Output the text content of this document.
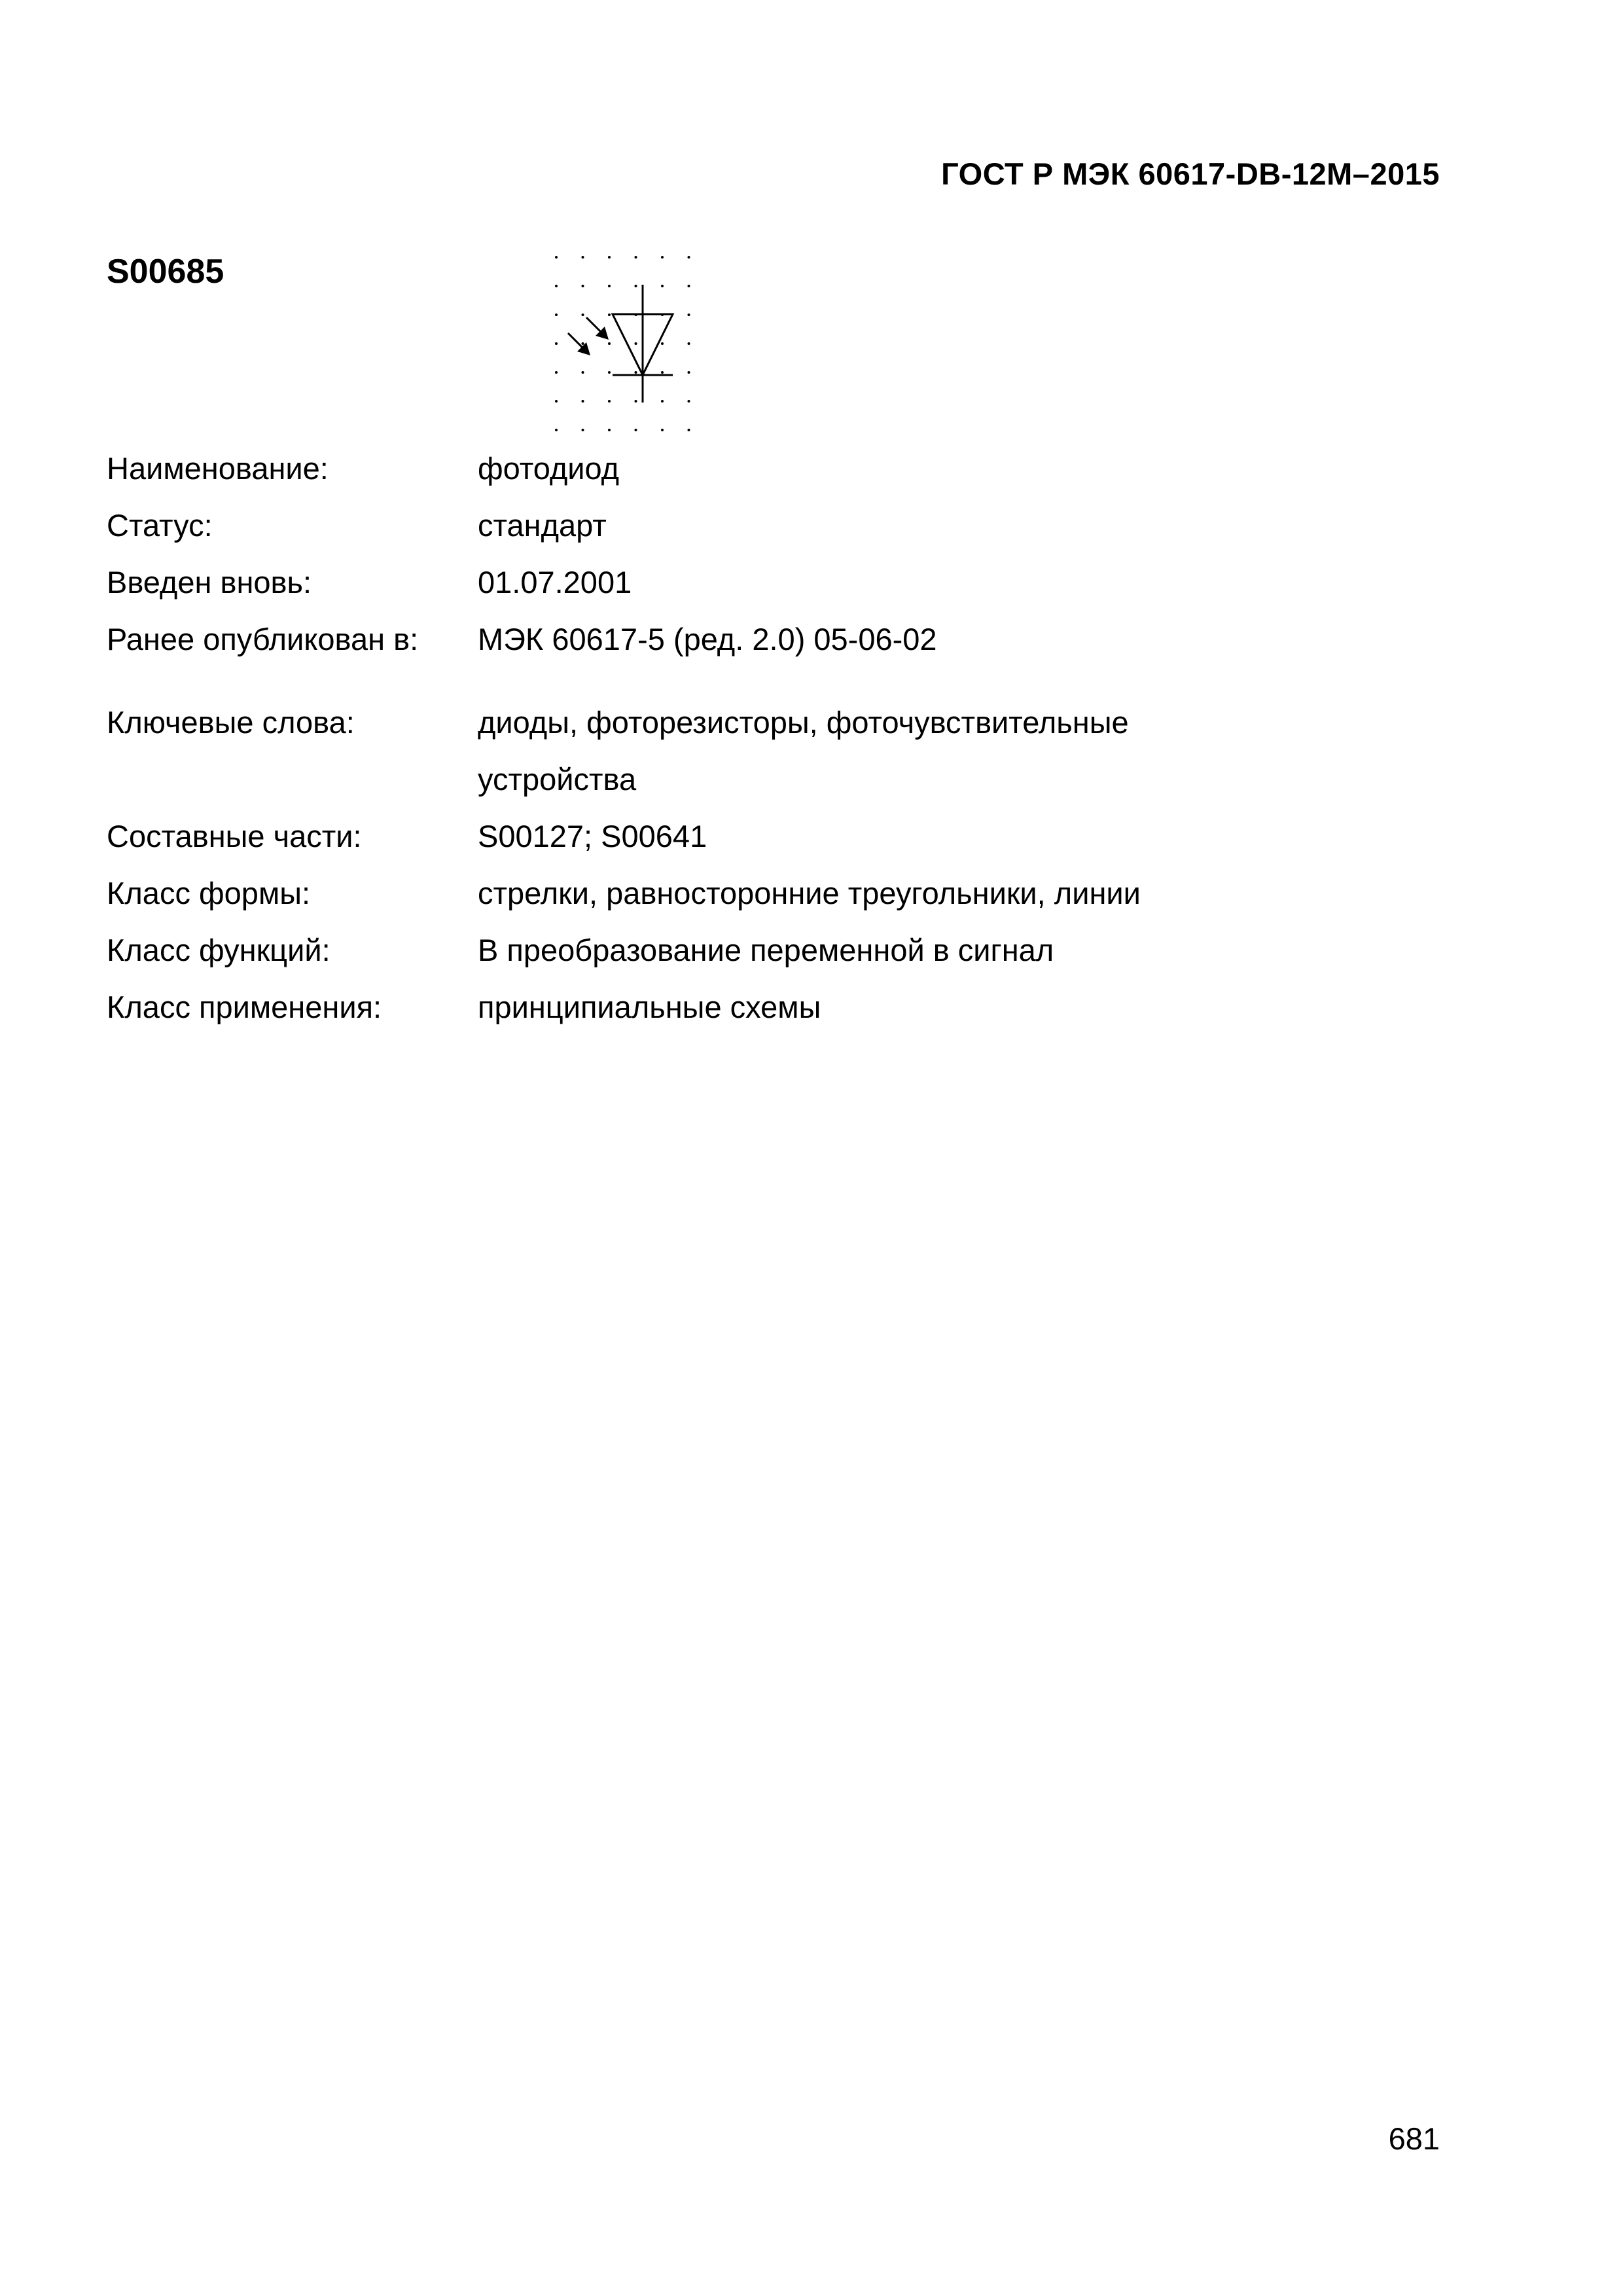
ГОСТ Р МЭК 60617-DB-12M–2015
S00685
Наименование:	фотодиод
Статус:	стандарт
Введен вновь:	01.07.2001
Ранее опубликован в:	МЭК 60617-5 (ред. 2.0) 05-06-02
Ключевые слова:	диоды, фоторезисторы, фоточувствительные
устройства
Составные части:	S00127; S00641
Класс формы:	стрелки, равносторонние треугольники, линии
Класс функций:	В преобразование переменной в сигнал
Класс применения:	принципиальные схемы
681
